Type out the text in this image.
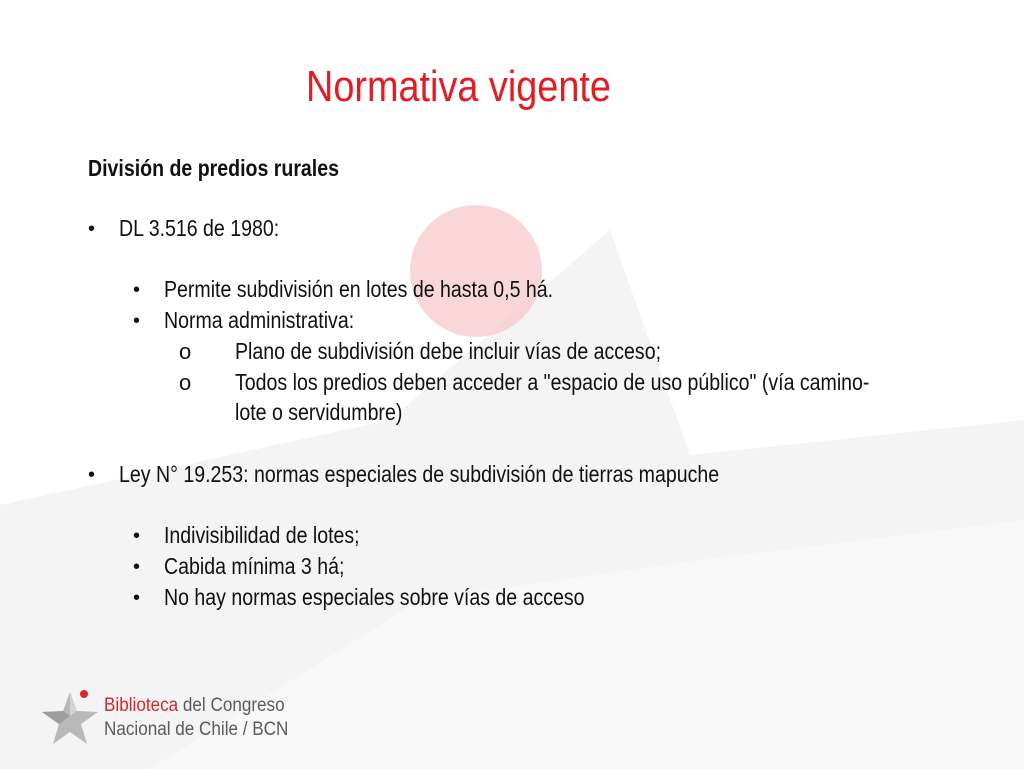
Normativa vigente
División de predios rurales
• DL 3.516 de 1980:
• Permite subdivisión en lotes de hasta 0,5 há.
• Norma administrativa:
o Plano de subdivisión debe incluir vías de acceso;
o Todos los predios deben acceder a "espacio de uso público" (vía camino-
lote o servidumbre)
• Ley N° 19.253: normas especiales de subdivisión de tierras mapuche
• Indivisibilidad de lotes;
• Cabida mínima 3 há;
• No hay normas especiales sobre vías de acceso
Biblioteca del Congreso
Nacional de Chile / BCN
